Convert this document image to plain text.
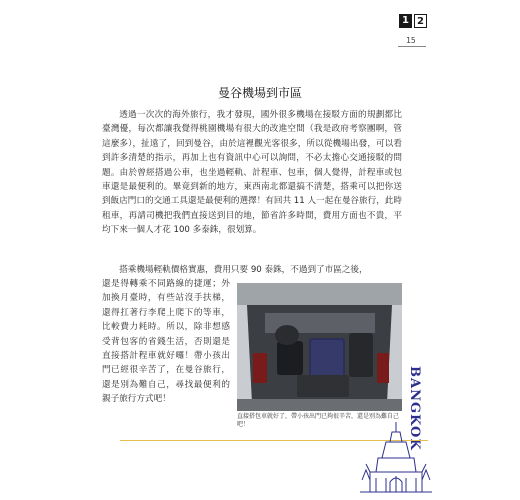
1 2
15
曼谷機場到市區

透過一次次的海外旅行，我才發現，國外很多機場在接駁方面的規劃都比臺灣優，每次都讓我覺得桃園機場有很大的改進空間（我是政府考察團啊，管這麼多），扯遠了，回到曼谷，由於這裡觀光客很多，所以從機場出發，可以看到許多清楚的指示，再加上也有資訊中心可以詢問，不必太擔心交通接駁的問題。由於曾經搭過公車，也坐過輕軌、計程車、包車，個人覺得，計程車或包車還是最便利的。畢竟到新的地方，東西南北都還搞不清楚，搭乘可以把你送到飯店門口的交通工具還是最便利的選擇！有回共 11 人一起在曼谷旅行，此時租車，再請司機把我們直接送到目的地，節省許多時間，費用方面也不貴，平均下來一個人才花 100 多泰銖，很划算。

搭乘機場輕軌價格實惠，費用只要 90 泰銖，不過到了市區之後，

還是得轉乘不同路線的捷運；外加換月臺時，有些站沒手扶梯，還得扛著行李爬上爬下的等車，比較費力耗時。所以，除非想感受背包客的省錢生活，否則還是直接搭計程車就好囉！帶小孩出門已經很辛苦了，在曼谷旅行，還是別為難自己，尋找最便利的親子旅行方式吧！

直接搭包車就好了，帶小孩出門已夠很辛苦，還是別為難自己吧！	BANGKOK
